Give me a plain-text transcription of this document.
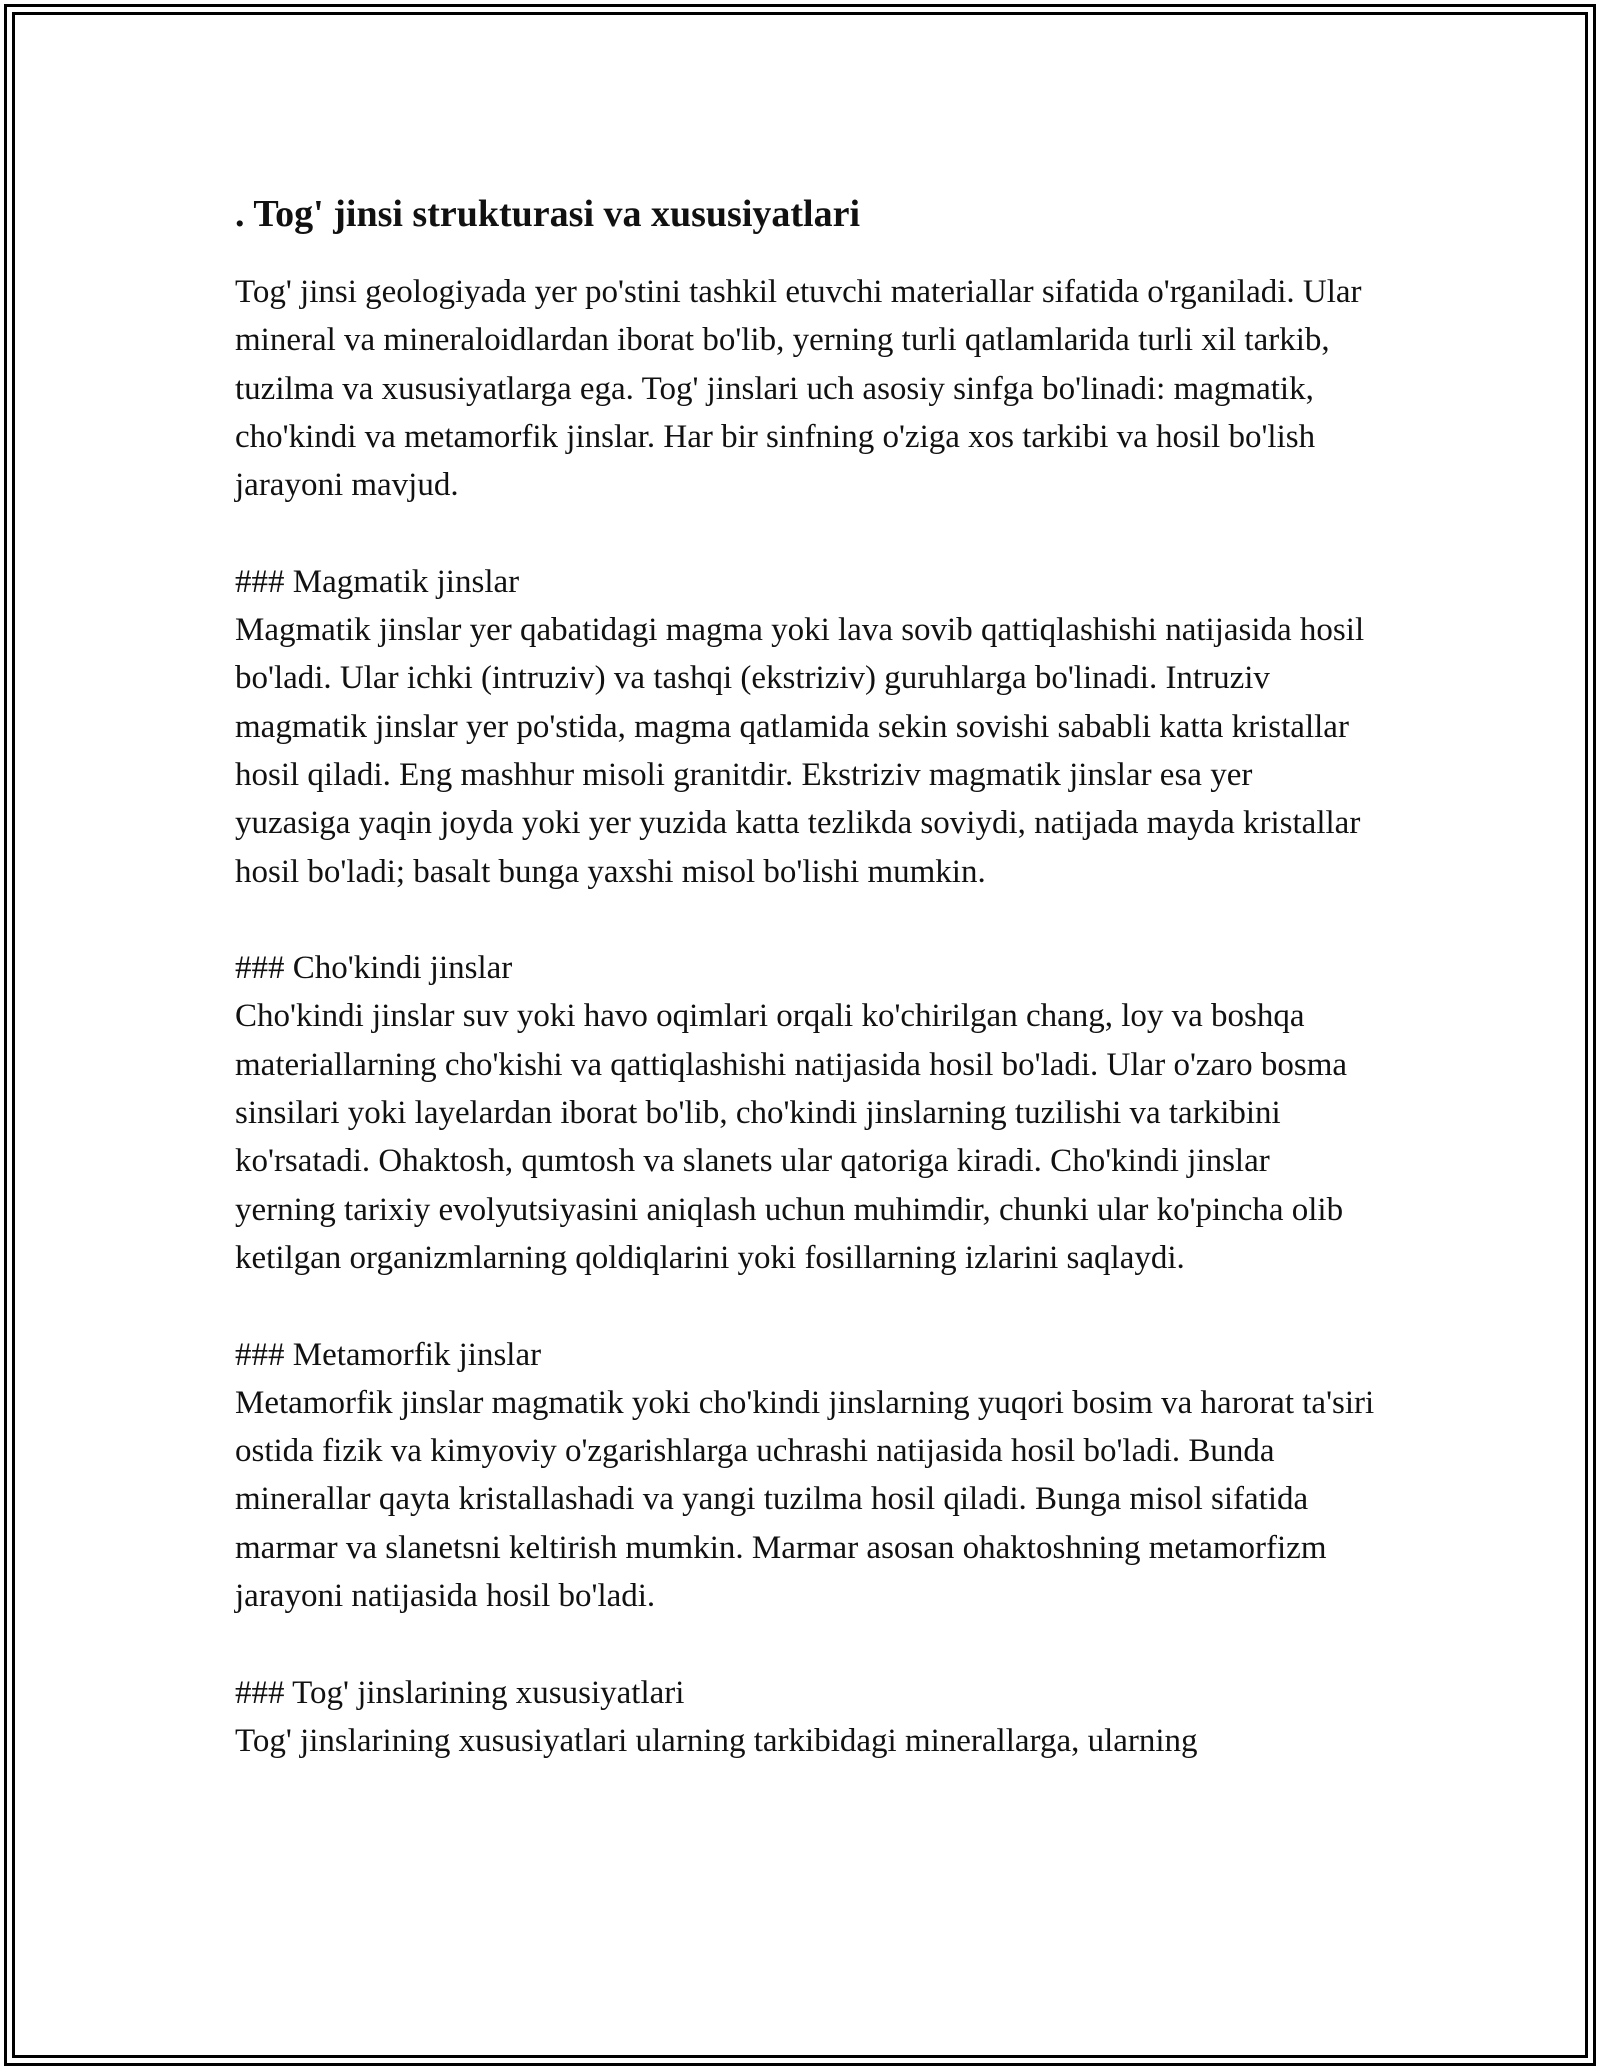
. Tog' jinsi strukturasi va xususiyatlari

Tog' jinsi geologiyada yer po'stini tashkil etuvchi materiallar sifatida o'rganiladi. Ular mineral va mineraloidlardan iborat bo'lib, yerning turli qatlamlarida turli xil tarkib, tuzilma va xususiyatlarga ega. Tog' jinslari uch asosiy sinfga bo'linadi: magmatik, cho'kindi va metamorfik jinslar. Har bir sinfning o'ziga xos tarkibi va hosil bo'lish jarayoni mavjud.

### Magmatik jinslar

Magmatik jinslar yer qabatidagi magma yoki lava sovib qattiqlashishi natijasida hosil bo'ladi. Ular ichki (intruziv) va tashqi (ekstriziv) guruhlarga bo'linadi. Intruziv magmatik jinslar yer po'stida, magma qatlamida sekin sovishi sababli katta kristallar hosil qiladi. Eng mashhur misoli granitdir. Ekstriziv magmatik jinslar esa yer yuzasiga yaqin joyda yoki yer yuzida katta tezlikda soviydi, natijada mayda kristallar hosil bo'ladi; basalt bunga yaxshi misol bo'lishi mumkin.

### Cho'kindi jinslar

Cho'kindi jinslar suv yoki havo oqimlari orqali ko'chirilgan chang, loy va boshqa materiallarning cho'kishi va qattiqlashishi natijasida hosil bo'ladi. Ular o'zaro bosma sinsilari yoki layelardan iborat bo'lib, cho'kindi jinslarning tuzilishi va tarkibini ko'rsatadi. Ohaktosh, qumtosh va slanets ular qatoriga kiradi. Cho'kindi jinslar yerning tarixiy evolyutsiyasini aniqlash uchun muhimdir, chunki ular ko'pincha olib ketilgan organizmlarning qoldiqlarini yoki fosillarning izlarini saqlaydi.

### Metamorfik jinslar

Metamorfik jinslar magmatik yoki cho'kindi jinslarning yuqori bosim va harorat ta'siri ostida fizik va kimyoviy o'zgarishlarga uchrashi natijasida hosil bo'ladi. Bunda minerallar qayta kristallashadi va yangi tuzilma hosil qiladi. Bunga misol sifatida marmar va slanetsni keltirish mumkin. Marmar asosan ohaktoshning metamorfizm jarayoni natijasida hosil bo'ladi.

### Tog' jinslarining xususiyatlari

Tog' jinslarining xususiyatlari ularning tarkibidagi minerallarga, ularning
